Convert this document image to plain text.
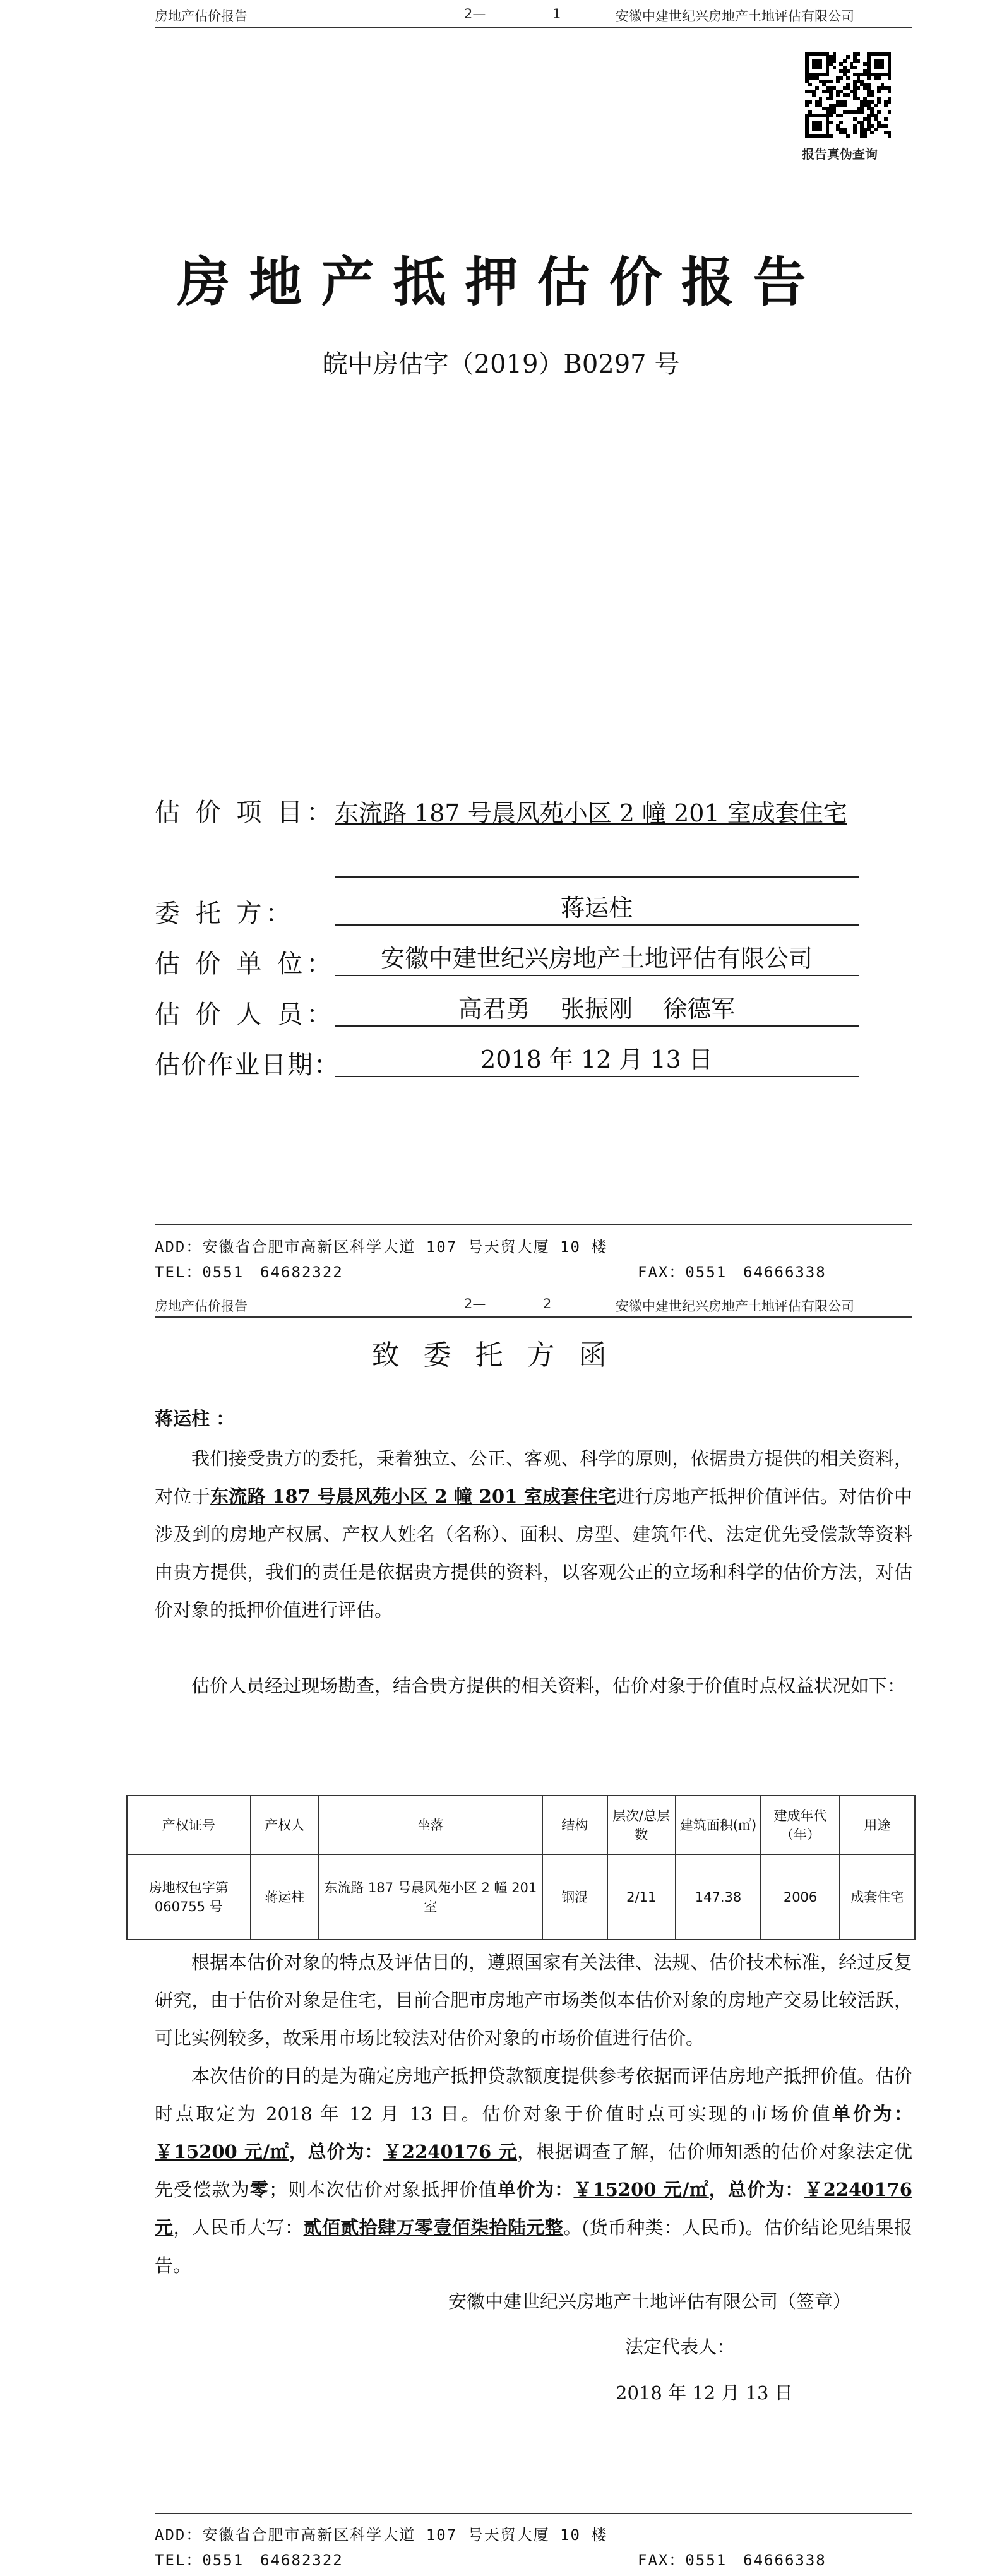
房地产估价报告	2—	1	安徽中建世纪兴房地产土地评估有限公司
报告真伪查询
房地产抵押估价报告
皖中房估字（2019）B0297 号
估 价 项 目：
东流路 187 号晨风苑小区 2 幢 201 室成套住宅
委 托 方：	蒋运柱
估 价 单 位：	安徽中建世纪兴房地产土地评估有限公司
估 价 人 员：	高君勇    张振刚    徐德军
估价作业日期：	2018 年 12 月 13 日
ADD：安徽省合肥市高新区科学大道 107 号天贸大厦 10 楼
TEL：0551－64682322	FAX：0551－64666338
房地产估价报告	2—	2	安徽中建世纪兴房地产土地评估有限公司
致委托方函
蒋运柱 ：
我们接受贵方的委托，秉着独立、公正、客观、科学的原则，依据贵方提供的相关资料，对位于东流路 187 号晨风苑小区 2 幢 201 室成套住宅进行房地产抵押价值评估。对估价中涉及到的房地产权属、产权人姓名（名称）、面积、房型、建筑年代、法定优先受偿款等资料由贵方提供，我们的责任是依据贵方提供的资料，以客观公正的立场和科学的估价方法，对估价对象的抵押价值进行评估。
估价人员经过现场勘查，结合贵方提供的相关资料，估价对象于价值时点权益状况如下：
产权证号	产权人	坐落	结构	层次/总层数	建筑面积(㎡)	建成年代（年）	用途
房地权包字第 060755 号	蒋运柱	东流路 187 号晨风苑小区 2 幢 201 室	钢混	2/11	147.38	2006	成套住宅
根据本估价对象的特点及评估目的，遵照国家有关法律、法规、估价技术标准，经过反复研究，由于估价对象是住宅，目前合肥市房地产市场类似本估价对象的房地产交易比较活跃，可比实例较多，故采用市场比较法对估价对象的市场价值进行估价。
本次估价的目的是为确定房地产抵押贷款额度提供参考依据而评估房地产抵押价值。估价时点取定为 2018 年 12 月 13 日。估价对象于价值时点可实现的市场价值单价为：￥15200 元/㎡，总价为：￥2240176 元，根据调查了解，估价师知悉的估价对象法定优先受偿款为零；则本次估价对象抵押价值单价为：￥15200 元/㎡，总价为：￥2240176 元，人民币大写：贰佰贰拾肆万零壹佰柒拾陆元整。(货币种类：人民币)。估价结论见结果报告。
安徽中建世纪兴房地产土地评估有限公司（签章）
法定代表人：
2018 年 12 月 13 日
ADD：安徽省合肥市高新区科学大道 107 号天贸大厦 10 楼
TEL：0551－64682322	FAX：0551－64666338
